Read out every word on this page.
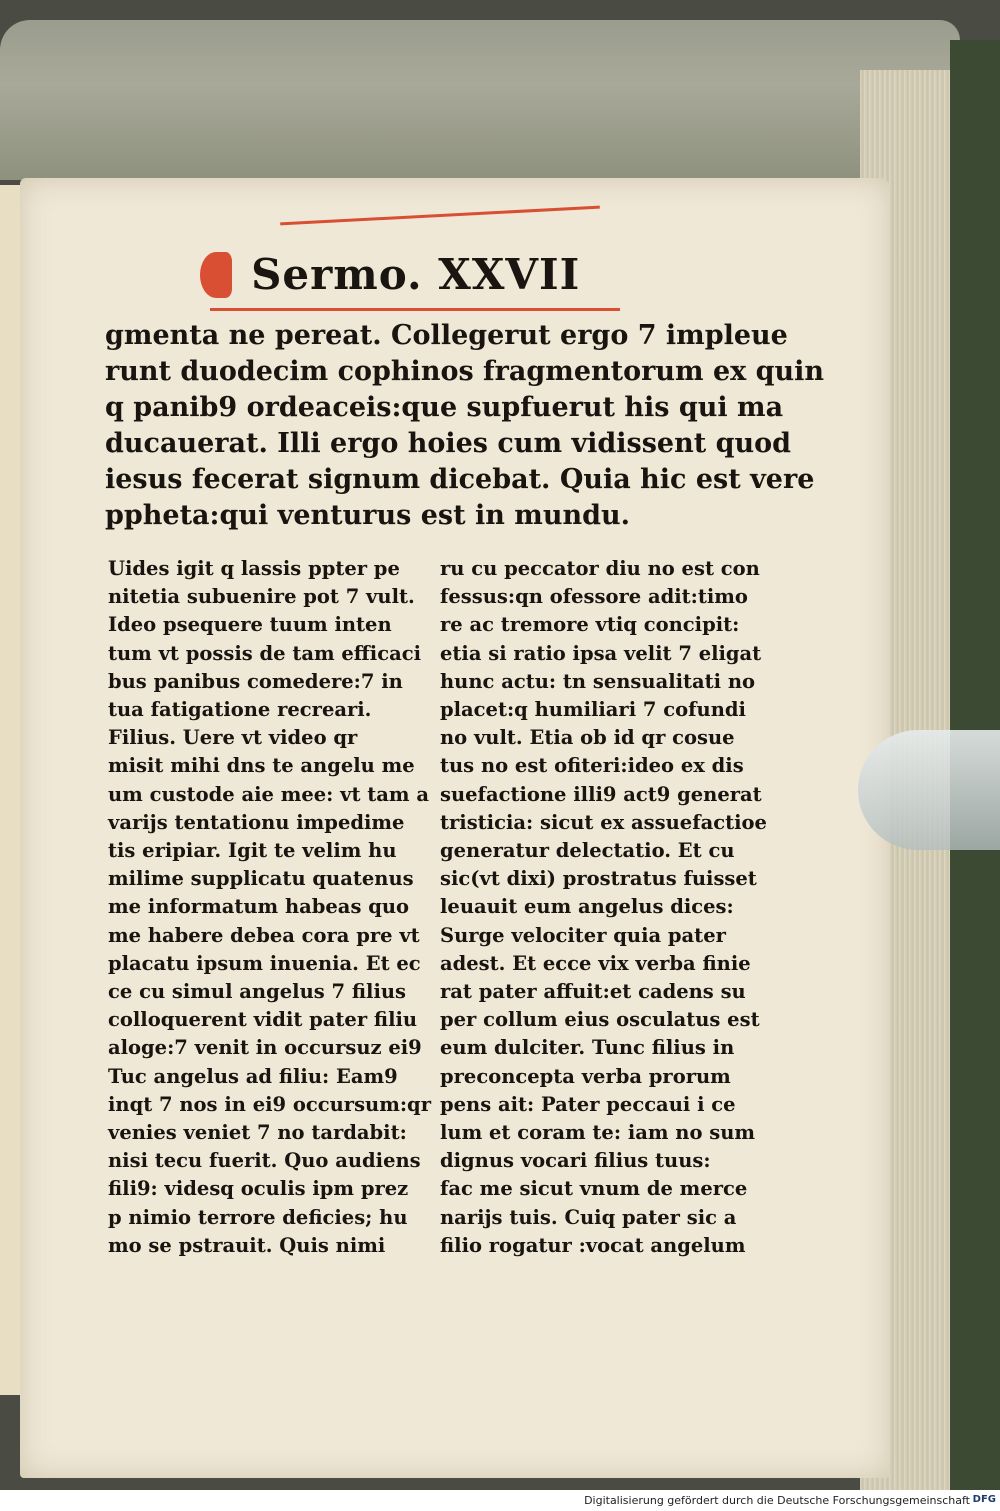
Sermo. XXVII
gmenta ne pereat. Collegerut ergo 7 impleue
runt duodecim cophinos fragmentorum ex quin
q panib9 ordeaceis:que supfuerut his qui ma
ducauerat. Illi ergo hoies cum vidissent quod
iesus fecerat signum dicebat. Quia hic est vere
ppheta:qui venturus est in mundu.
Uides igit q lassis ppter pe
nitetia subuenire pot 7 vult.
Ideo psequere tuum inten
tum vt possis de tam efficaci
bus panibus comedere:7 in
tua fatigatione recreari.
Filius. Uere vt video qr
misit mihi dns te angelu me
um custode aie mee: vt tam a
varijs tentationu impedime
tis eripiar. Igit te velim hu
milime supplicatu quatenus
me informatum habeas quo
me habere debea cora pre vt
placatu ipsum inuenia. Et ec
ce cu simul angelus 7 filius
colloquerent vidit pater filiu
aloge:7 venit in occursuz ei9
Tuc angelus ad filiu: Eam9
inqt 7 nos in ei9 occursum:qr
venies veniet 7 no tardabit:
nisi tecu fuerit. Quo audiens
fili9: videsq oculis ipm prez
p nimio terrore deficies; hu
mo se pstrauit. Quis nimi
ru cu peccator diu no est con
fessus:qn ofessore adit:timo
re ac tremore vtiq concipit:
etia si ratio ipsa velit 7 eligat
hunc actu: tn sensualitati no
placet:q humiliari 7 cofundi
no vult. Etia ob id qr cosue
tus no est ofiteri:ideo ex dis
suefactione illi9 act9 generat
tristicia: sicut ex assuefactioe
generatur delectatio. Et cu
sic(vt dixi) prostratus fuisset
leuauit eum angelus dices:
Surge velociter quia pater
adest. Et ecce vix verba finie
rat pater affuit:et cadens su
per collum eius osculatus est
eum dulciter. Tunc filius in
preconcepta verba prorum
pens ait: Pater peccaui i ce
lum et coram te: iam no sum
dignus vocari filius tuus:
fac me sicut vnum de merce
narijs tuis. Cuiq pater sic a
filio rogatur :vocat angelum
Digitalisierung gefördert durch die Deutsche Forschungsgemeinschaft DFG
